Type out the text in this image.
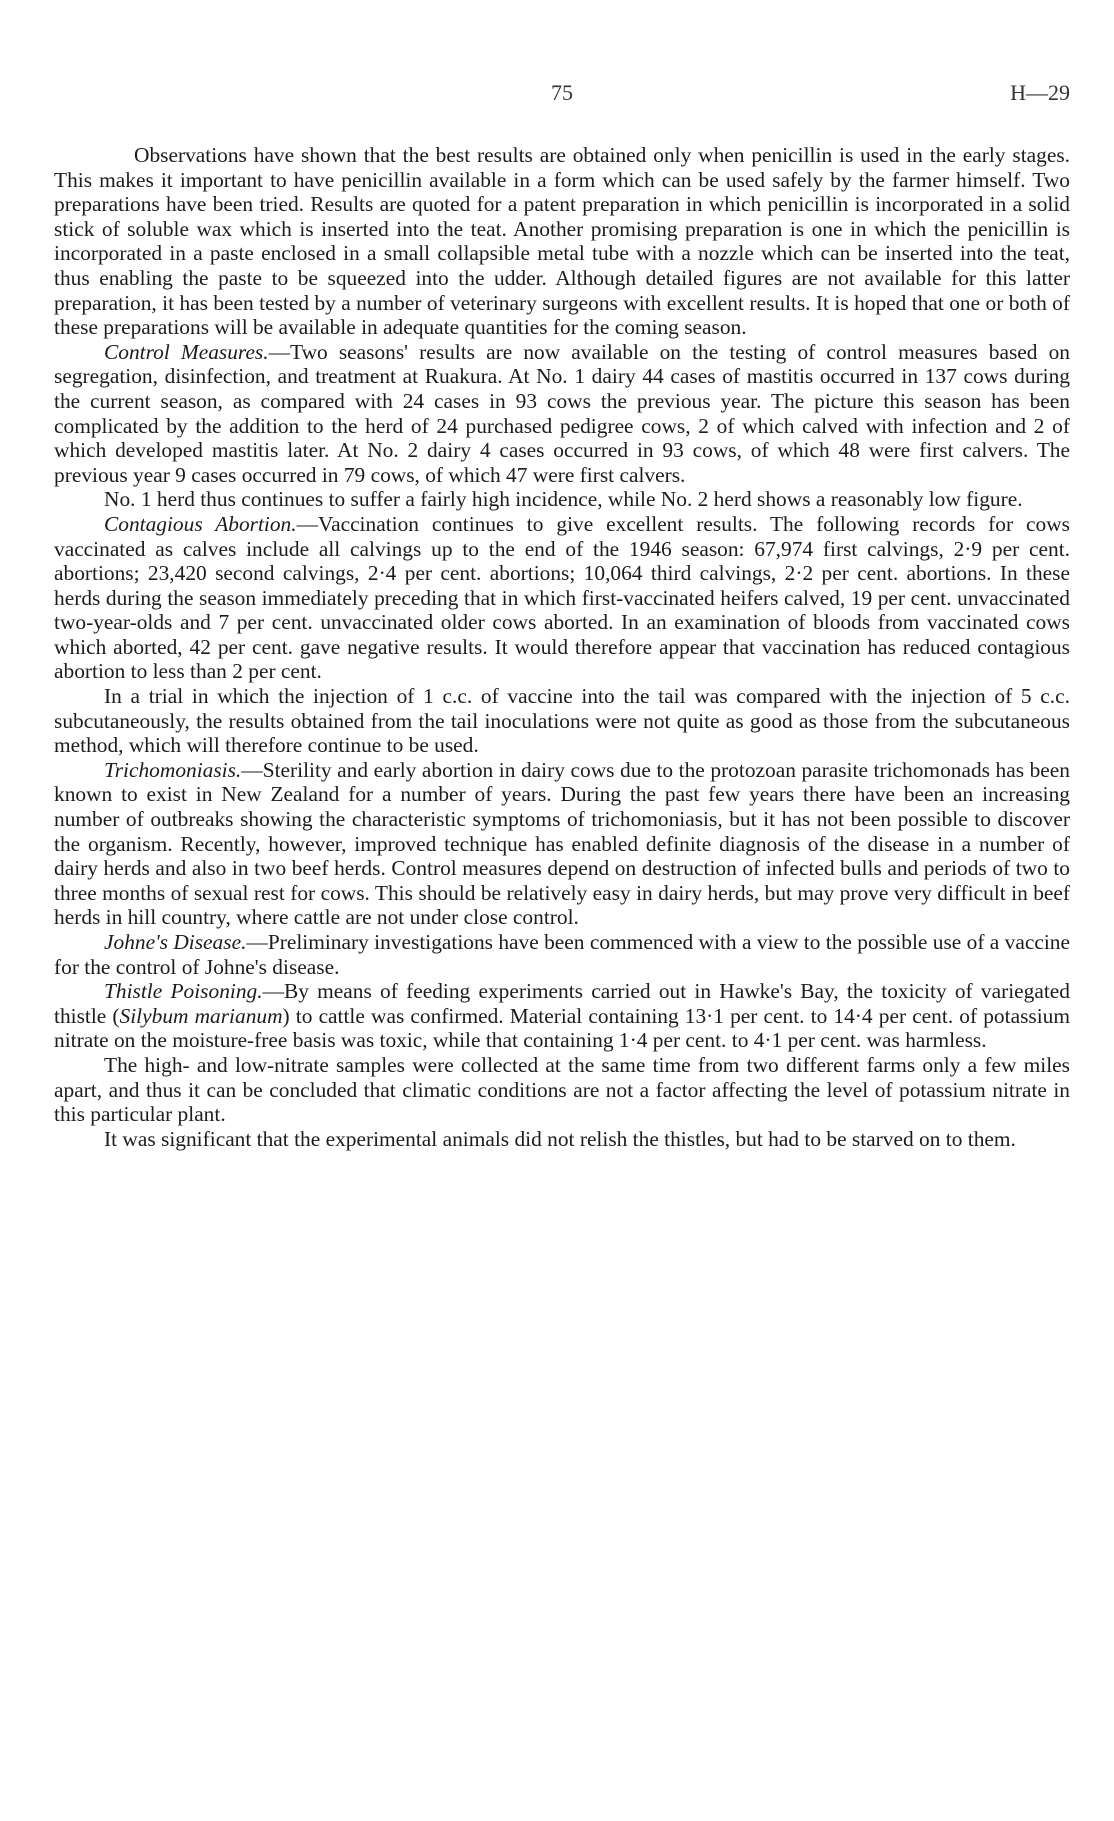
75	H—29

Observations have shown that the best results are obtained only when penicillin is used in the early stages. This makes it important to have penicillin available in a form which can be used safely by the farmer himself. Two preparations have been tried. Results are quoted for a patent preparation in which penicillin is incorporated in a solid stick of soluble wax which is inserted into the teat. Another promising preparation is one in which the penicillin is incorporated in a paste enclosed in a small collapsible metal tube with a nozzle which can be inserted into the teat, thus enabling the paste to be squeezed into the udder. Although detailed figures are not available for this latter preparation, it has been tested by a number of veterinary surgeons with excellent results. It is hoped that one or both of these preparations will be available in adequate quantities for the coming season.

Control Measures.—Two seasons' results are now available on the testing of control measures based on segregation, disinfection, and treatment at Ruakura. At No. 1 dairy 44 cases of mastitis occurred in 137 cows during the current season, as compared with 24 cases in 93 cows the previous year. The picture this season has been complicated by the addition to the herd of 24 purchased pedigree cows, 2 of which calved with infection and 2 of which developed mastitis later. At No. 2 dairy 4 cases occurred in 93 cows, of which 48 were first calvers. The previous year 9 cases occurred in 79 cows, of which 47 were first calvers.

No. 1 herd thus continues to suffer a fairly high incidence, while No. 2 herd shows a reasonably low figure.

Contagious Abortion.—Vaccination continues to give excellent results. The following records for cows vaccinated as calves include all calvings up to the end of the 1946 season: 67,974 first calvings, 2·9 per cent. abortions; 23,420 second calvings, 2·4 per cent. abortions; 10,064 third calvings, 2·2 per cent. abortions. In these herds during the season immediately preceding that in which first-vaccinated heifers calved, 19 per cent. unvaccinated two-year-olds and 7 per cent. unvaccinated older cows aborted. In an examination of bloods from vaccinated cows which aborted, 42 per cent. gave negative results. It would therefore appear that vaccination has reduced contagious abortion to less than 2 per cent.

In a trial in which the injection of 1 c.c. of vaccine into the tail was compared with the injection of 5 c.c. subcutaneously, the results obtained from the tail inoculations were not quite as good as those from the subcutaneous method, which will therefore continue to be used.

Trichomoniasis.—Sterility and early abortion in dairy cows due to the protozoan parasite trichomonads has been known to exist in New Zealand for a number of years. During the past few years there have been an increasing number of outbreaks showing the characteristic symptoms of trichomoniasis, but it has not been possible to discover the organism. Recently, however, improved technique has enabled definite diagnosis of the disease in a number of dairy herds and also in two beef herds. Control measures depend on destruction of infected bulls and periods of two to three months of sexual rest for cows. This should be relatively easy in dairy herds, but may prove very difficult in beef herds in hill country, where cattle are not under close control.

Johne's Disease.—Preliminary investigations have been commenced with a view to the possible use of a vaccine for the control of Johne's disease.

Thistle Poisoning.—By means of feeding experiments carried out in Hawke's Bay, the toxicity of variegated thistle (Silybum marianum) to cattle was confirmed. Material containing 13·1 per cent. to 14·4 per cent. of potassium nitrate on the moisture-free basis was toxic, while that containing 1·4 per cent. to 4·1 per cent. was harmless.

The high- and low-nitrate samples were collected at the same time from two different farms only a few miles apart, and thus it can be concluded that climatic conditions are not a factor affecting the level of potassium nitrate in this particular plant.

It was significant that the experimental animals did not relish the thistles, but had to be starved on to them.
